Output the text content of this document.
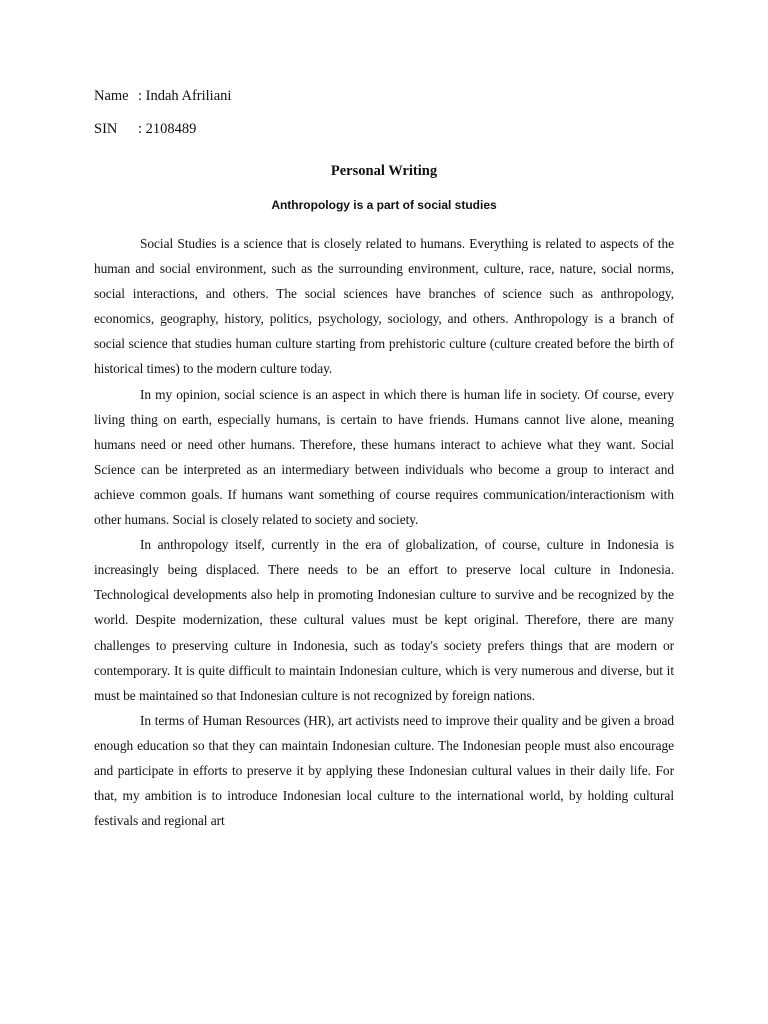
Name : Indah Afriliani
SIN	: 2108489
Personal Writing
Anthropology is a part of social studies

Social Studies is a science that is closely related to humans. Everything is related to aspects of the human and social environment, such as the surrounding environment, culture, race, nature, social norms, social interactions, and others. The social sciences have branches of science such as anthropology, economics, geography, history, politics, psychology, sociology, and others. Anthropology is a branch of social science that studies human culture starting from prehistoric culture (culture created before the birth of historical times) to the modern culture today.

In my opinion, social science is an aspect in which there is human life in society. Of course, every living thing on earth, especially humans, is certain to have friends. Humans cannot live alone, meaning humans need or need other humans. Therefore, these humans interact to achieve what they want. Social Science can be interpreted as an intermediary between individuals who become a group to interact and achieve common goals. If humans want something of course requires communication/interactionism with other humans. Social is closely related to society and society.

In anthropology itself, currently in the era of globalization, of course, culture in Indonesia is increasingly being displaced. There needs to be an effort to preserve local culture in Indonesia. Technological developments also help in promoting Indonesian culture to survive and be recognized by the world. Despite modernization, these cultural values must be kept original. Therefore, there are many challenges to preserving culture in Indonesia, such as today's society prefers things that are modern or contemporary. It is quite difficult to maintain Indonesian culture, which is very numerous and diverse, but it must be maintained so that Indonesian culture is not recognized by foreign nations.

In terms of Human Resources (HR), art activists need to improve their quality and be given a broad enough education so that they can maintain Indonesian culture. The Indonesian people must also encourage and participate in efforts to preserve it by applying these Indonesian cultural values in their daily life. For that, my ambition is to introduce Indonesian local culture to the international world, by holding cultural festivals and regional art
